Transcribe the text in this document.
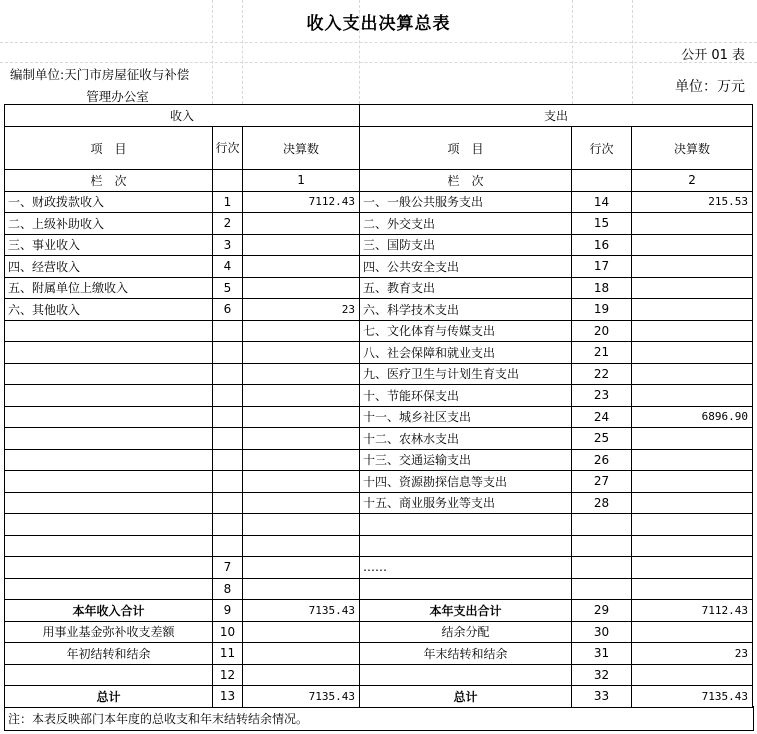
收入支出决算总表
公开 01 表
编制单位:天门市房屋征收与补偿
管理办公室
单位：万元
收入			支出		
项　目	行次	决算数	项　目	行次	决算数
栏　次		1	栏　次		2
一、财政拨款收入	1	7112.43	一、一般公共服务支出	14	215.53
二、上级补助收入	2		二、外交支出	15	
三、事业收入	3		三、国防支出	16	
四、经营收入	4		四、公共安全支出	17	
五、附属单位上缴收入	5		五、教育支出	18	
六、其他收入	6	23	六、科学技术支出	19	
			七、文化体育与传媒支出	20	
			八、社会保障和就业支出	21	
			九、医疗卫生与计划生育支出	22	
			十、节能环保支出	23	
			十一、城乡社区支出	24	6896.90
			十二、农林水支出	25	
			十三、交通运输支出	26	
			十四、资源勘探信息等支出	27	
			十五、商业服务业等支出	28	

	7		……		
	8				
本年收入合计	9	7135.43	本年支出合计	29	7112.43
用事业基金弥补收支差额	10		结余分配	30	
年初结转和结余	11		年末结转和结余	31	23
	12			32	
总计	13	7135.43	总计	33	7135.43
注：本表反映部门本年度的总收支和年末结转结余情况。
